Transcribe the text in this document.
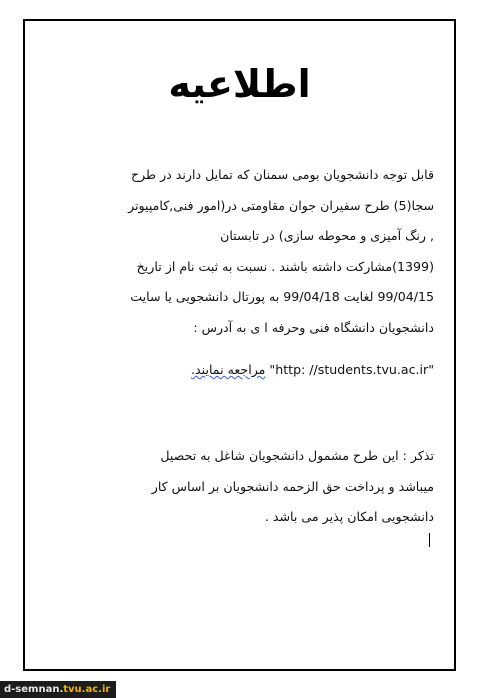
اطلاعیه
قابل توجه دانشجویان بومی سمنان که تمایل دارند در طرح
سجا(5) طرح سفیران جوان مقاومتی در(امور فنی,کامپیوتر
, رنگ آمیزی و محوطه سازی) در تابستان
(1399)مشارکت داشته باشند . نسبت به ثبت نام از تاریخ
99/04/15 لغایت 99/04/18 به پورتال دانشجویی یا سایت
دانشجویان دانشگاه فنی وحرفه ا ی به آدرس :
"http: //students.tvu.ac.ir" مراجعه نمایند.
تذکر : این طرح مشمول دانشجویان شاغل به تحصیل
میباشد و پرداخت حق الزحمه دانشجویان بر اساس کار
دانشجویی امکان پذیر می باشد .
d-semnan.tvu.ac.ir
